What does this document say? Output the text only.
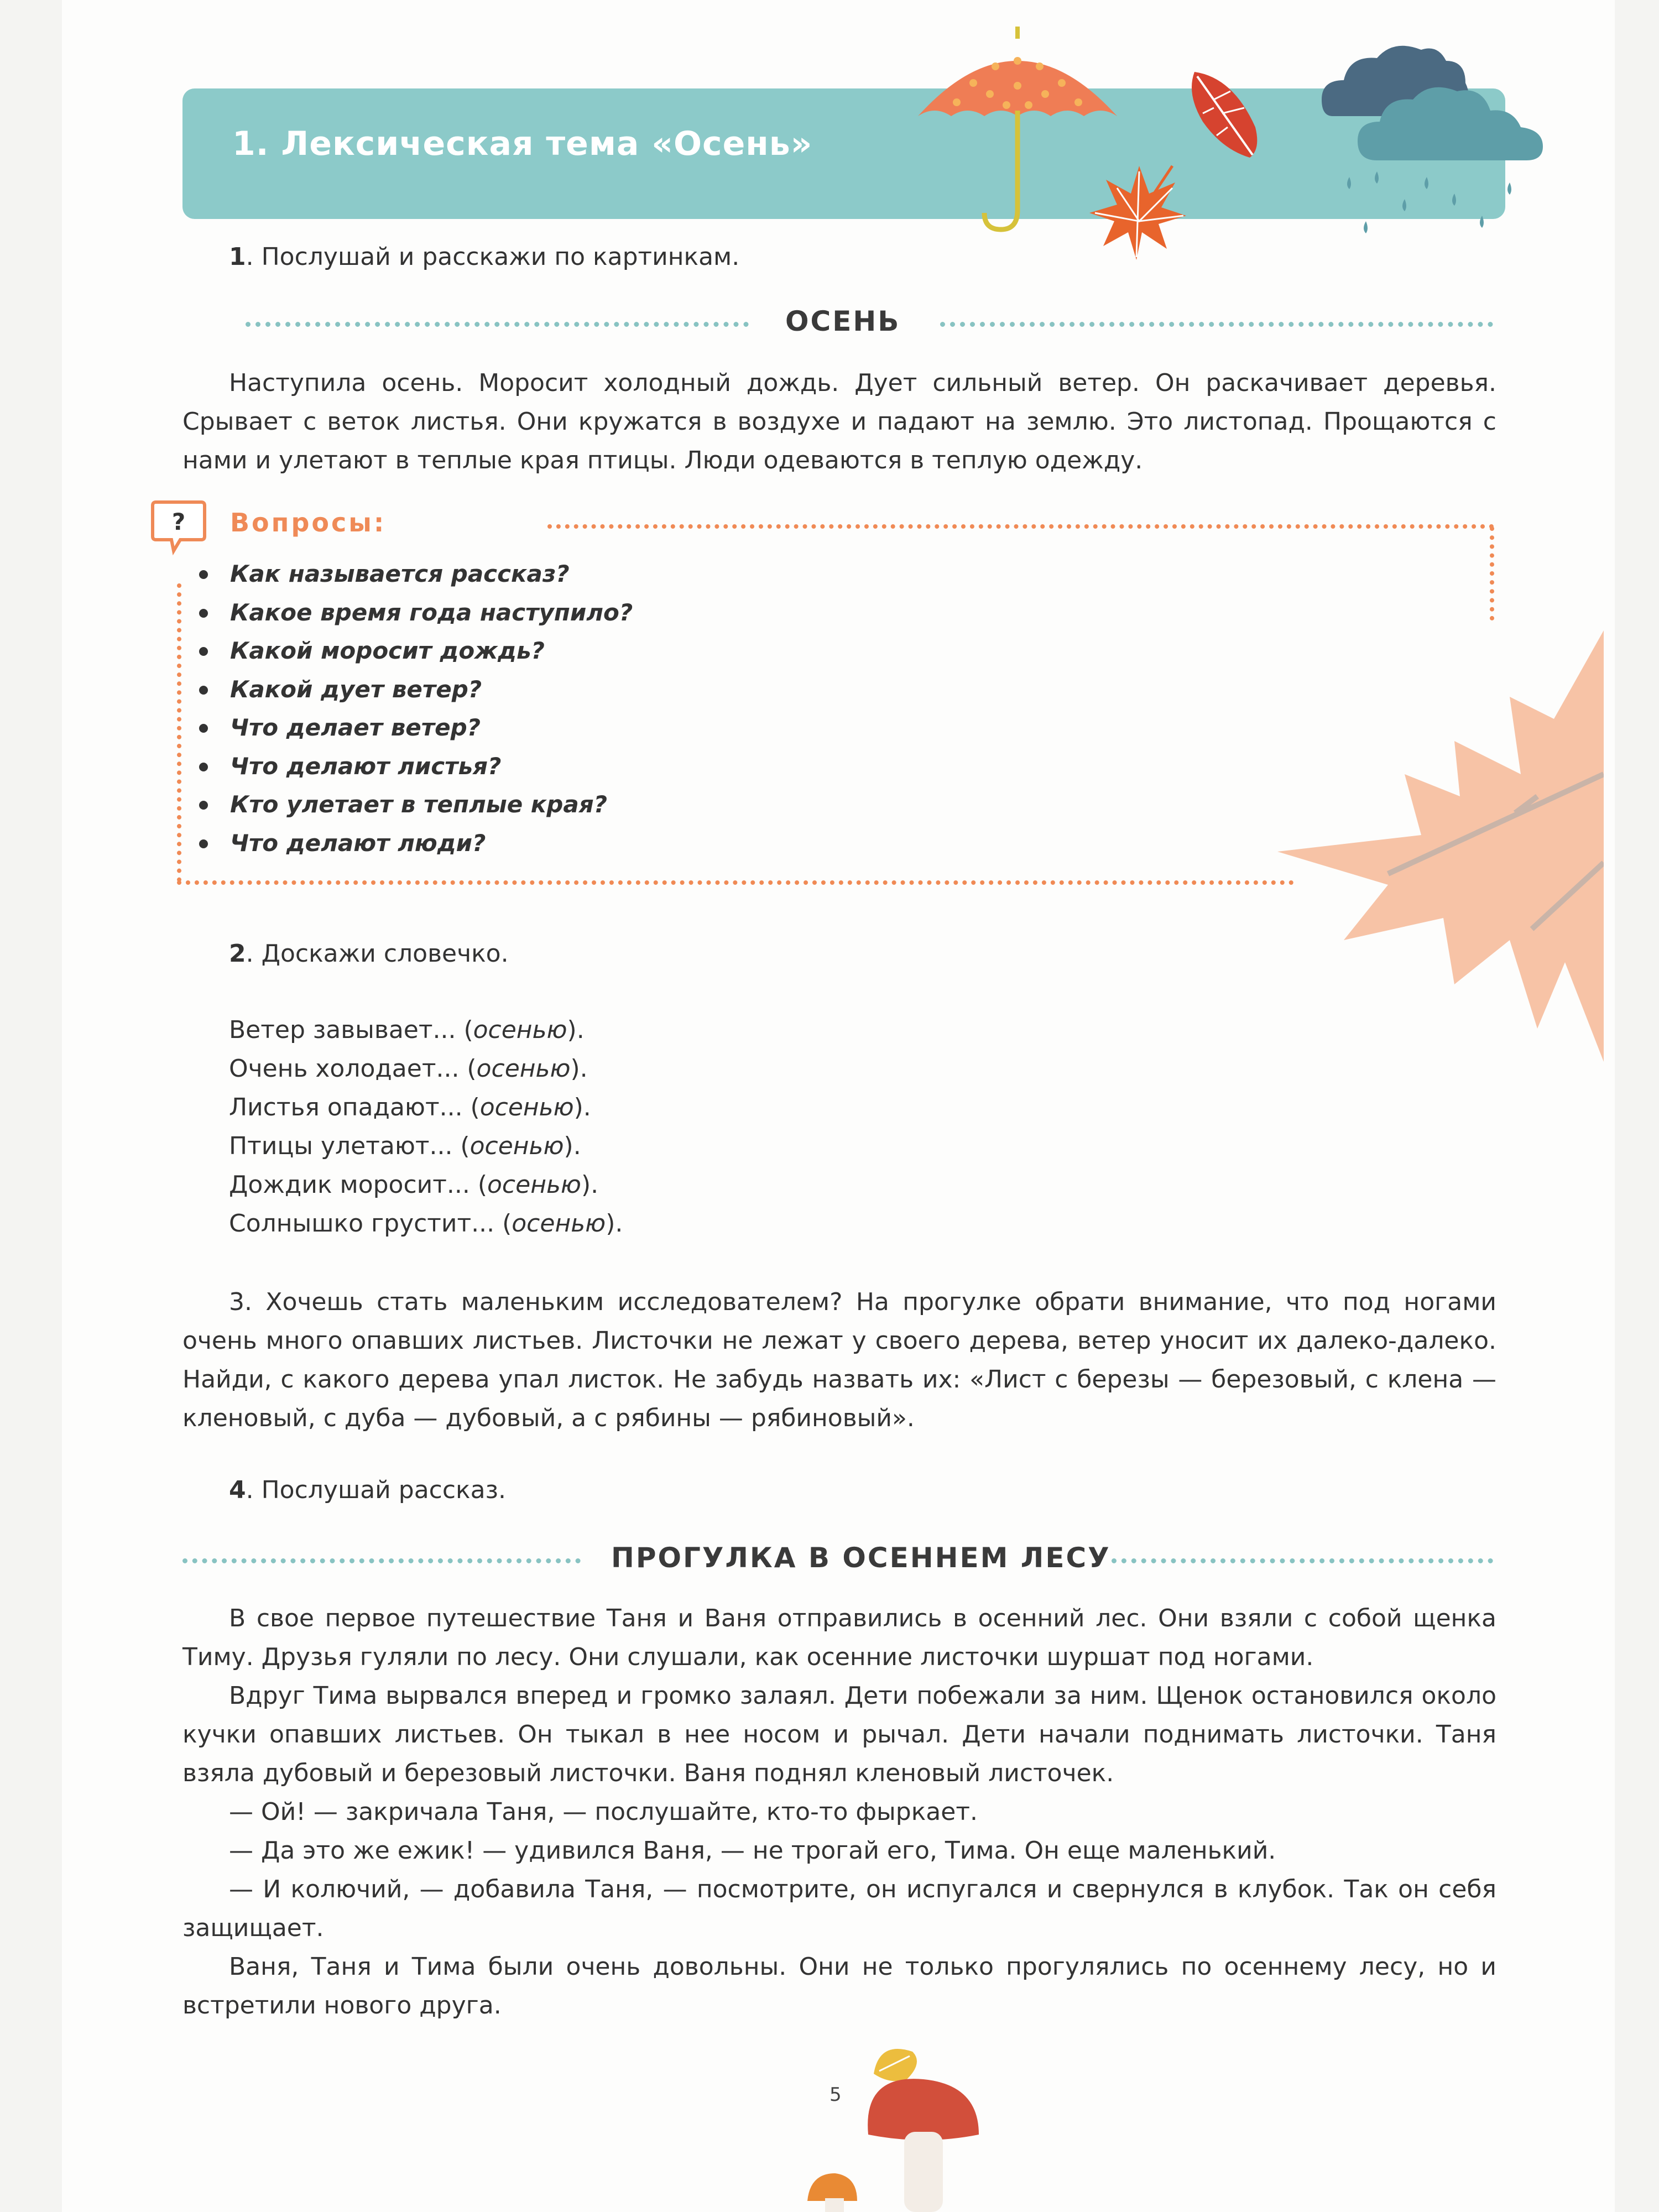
1. Лексическая тема «Осень»
1. Послушай и расскажи по картинкам.
ОСЕНЬ
Наступила осень. Моросит холодный дождь. Дует сильный ветер. Он раскачивает деревья. Срывает с веток листья. Они кружатся в воздухе и падают на землю. Это листопад. Прощаются с нами и улетают в теплые края птицы. Люди одеваются в теплую одежду.
? Вопросы:
Как называется рассказ?
Какое время года наступило?
Какой моросит дождь?
Какой дует ветер?
Что делает ветер?
Что делают листья?
Кто улетает в теплые края?
Что делают люди?
2. Доскажи словечко.
Ветер завывает... (осенью).
Очень холодает... (осенью).
Листья опадают... (осенью).
Птицы улетают... (осенью).
Дождик моросит... (осенью).
Солнышко грустит... (осенью).
3. Хочешь стать маленьким исследователем? На прогулке обрати внимание, что под ногами очень много опавших листьев. Листочки не лежат у своего дерева, ветер уносит их далеко-далеко. Найди, с какого дерева упал листок. Не забудь назвать их: «Лист с березы — березовый, с клена — кленовый, с дуба — дубовый, а с рябины — рябиновый».
4. Послушай рассказ.
ПРОГУЛКА В ОСЕННЕМ ЛЕСУ
В свое первое путешествие Таня и Ваня отправились в осенний лес. Они взяли с собой щенка Тиму. Друзья гуляли по лесу. Они слушали, как осенние листочки шуршат под ногами.
Вдруг Тима вырвался вперед и громко залаял. Дети побежали за ним. Щенок остановился около кучки опавших листьев. Он тыкал в нее носом и рычал. Дети начали поднимать листочки. Таня взяла дубовый и березовый листочки. Ваня поднял кленовый листочек.
— Ой! — закричала Таня, — послушайте, кто-то фыркает.
— Да это же ежик! — удивился Ваня, — не трогай его, Тима. Он еще маленький.
— И колючий, — добавила Таня, — посмотрите, он испугался и свернулся в клубок. Так он себя защищает.
Ваня, Таня и Тима были очень довольны. Они не только прогулялись по осеннему лесу, но и встретили нового друга.
5
